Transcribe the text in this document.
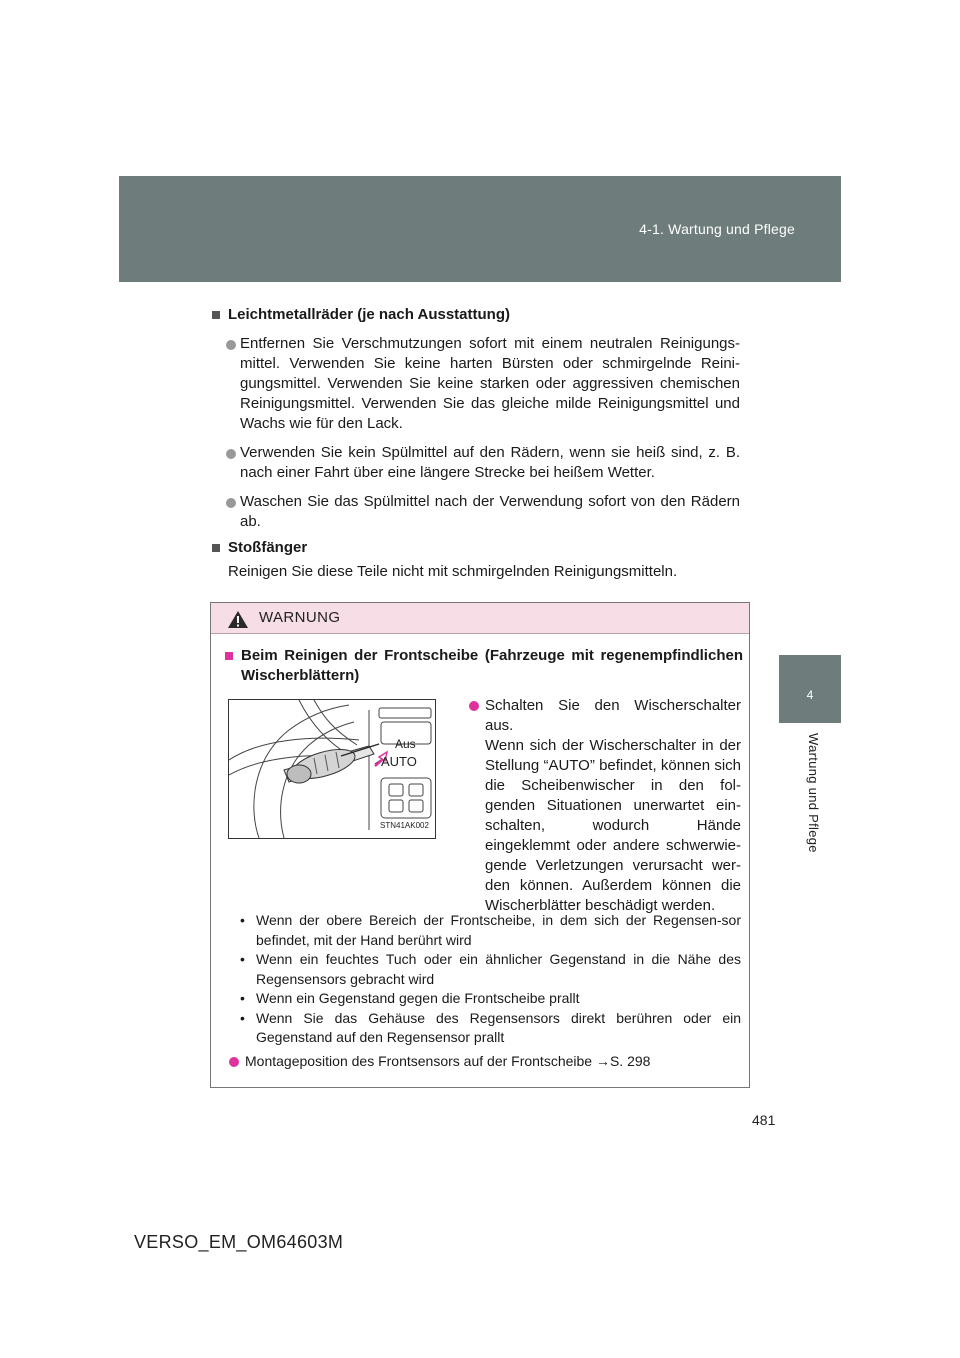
4-1. Wartung und Pflege
4
Wartung und Pflege
Leichtmetallräder (je nach Ausstattung)
Entfernen Sie Verschmutzungen sofort mit einem neutralen Reinigungs-mittel. Verwenden Sie keine harten Bürsten oder schmirgelnde Reini-gungsmittel. Verwenden Sie keine starken oder aggressiven chemischen Reinigungsmittel. Verwenden Sie das gleiche milde Reinigungsmittel und Wachs wie für den Lack.
Verwenden Sie kein Spülmittel auf den Rädern, wenn sie heiß sind, z. B. nach einer Fahrt über eine längere Strecke bei heißem Wetter.
Waschen Sie das Spülmittel nach der Verwendung sofort von den Rädern ab.
Stoßfänger
Reinigen Sie diese Teile nicht mit schmirgelnden Reinigungsmitteln.
WARNUNG
Beim Reinigen der Frontscheibe (Fahrzeuge mit regenempfindlichen Wischerblättern)
Aus
AUTO
STN41AK002

Schalten Sie den Wischerschalter aus.

Wenn sich der Wischerschalter in der Stellung “AUTO” befindet, können sich die Scheibenwischer in den fol-genden Situationen unerwartet ein-schalten, wodurch Hände eingeklemmt oder andere schwerwie-gende Verletzungen verursacht wer-den können. Außerdem können die Wischerblätter beschädigt werden.

• Wenn der obere Bereich der Frontscheibe, in dem sich der Regensen-sor befindet, mit der Hand berührt wird

• Wenn ein feuchtes Tuch oder ein ähnlicher Gegenstand in die Nähe des Regensensors gebracht wird

• Wenn ein Gegenstand gegen die Frontscheibe prallt

• Wenn Sie das Gehäuse des Regensensors direkt berühren oder ein Gegenstand auf den Regensensor prallt

Montageposition des Frontsensors auf der Frontscheibe →S. 298
481
VERSO_EM_OM64603M
